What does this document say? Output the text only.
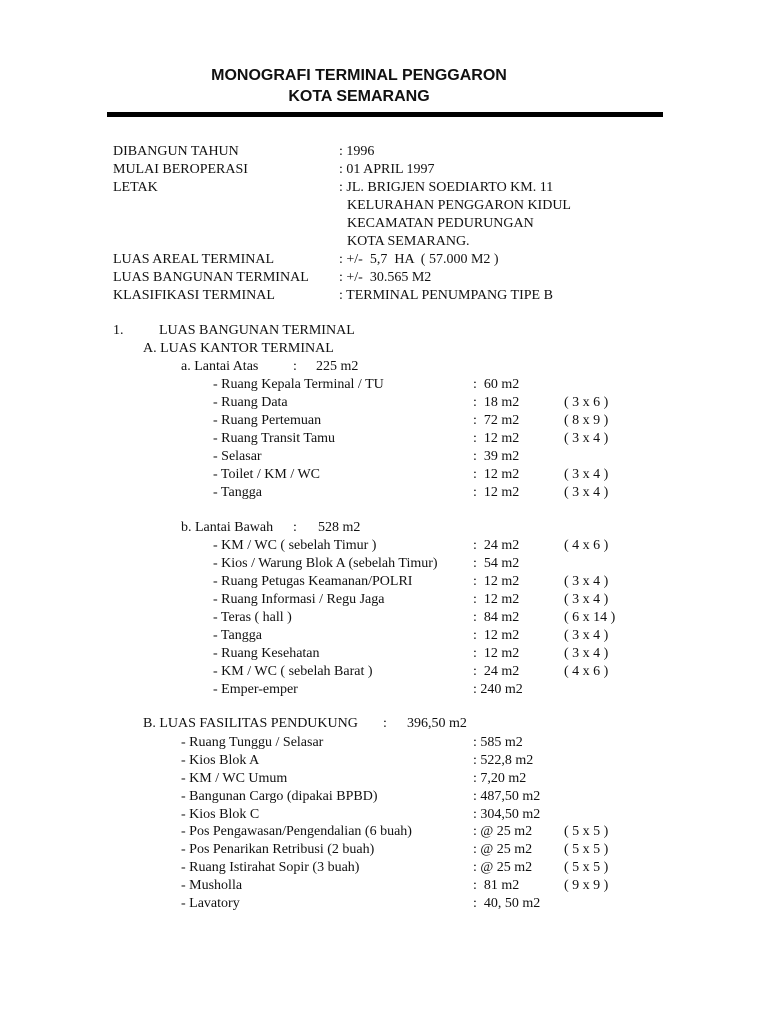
MONOGRAFI TERMINAL PENGGARON
KOTA SEMARANG
DIBANGUN TAHUN	: 1996
MULAI BEROPERASI	: 01 APRIL 1997
LETAK	: JL. BRIGJEN SOEDIARTO KM. 11
KELURAHAN PENGGARON KIDUL
KECAMATAN PEDURUNGAN
KOTA SEMARANG.
LUAS AREAL TERMINAL	: +/-  5,7  HA  ( 57.000 M2 )
LUAS BANGUNAN TERMINAL : +/-  30.565 M2
KLASIFIKASI TERMINAL	: TERMINAL PENUMPANG TIPE B
1.	LUAS BANGUNAN TERMINAL
A. LUAS KANTOR TERMINAL
a. Lantai Atas : 225 m2
- Ruang Kepala Terminal / TU	:  60 m2
- Ruang Data	:  18 m2	( 3 x 6 )
- Ruang Pertemuan	:  72 m2	( 8 x 9 )
- Ruang Transit Tamu	:  12 m2	( 3 x 4 )
- Selasar	:  39 m2
- Toilet / KM / WC	:  12 m2	( 3 x 4 )
- Tangga	:  12 m2	( 3 x 4 )
b. Lantai Bawah : 528 m2
- KM / WC ( sebelah Timur )	:  24 m2	( 4 x 6 )
- Kios / Warung Blok A (sebelah Timur)	:  54 m2
- Ruang Petugas Keamanan/POLRI	:  12 m2	( 3 x 4 )
- Ruang Informasi / Regu Jaga	:  12 m2	( 3 x 4 )
- Teras ( hall )	:  84 m2	( 6 x 14 )
- Tangga	:  12 m2	( 3 x 4 )
- Ruang Kesehatan	:  12 m2	( 3 x 4 )
- KM / WC ( sebelah Barat )	:  24 m2	( 4 x 6 )
- Emper-emper	: 240 m2
B. LUAS FASILITAS PENDUKUNG : 396,50 m2
- Ruang Tunggu / Selasar	: 585 m2
- Kios Blok A	: 522,8 m2
- KM / WC Umum	: 7,20 m2
- Bangunan Cargo (dipakai BPBD)	: 487,50 m2
- Kios Blok C	: 304,50 m2
- Pos Pengawasan/Pengendalian (6 buah)	: @ 25 m2 ( 5 x 5 )
- Pos Penarikan Retribusi (2 buah)	: @ 25 m2 ( 5 x 5 )
- Ruang Istirahat Sopir (3 buah)	: @ 25 m2 ( 5 x 5 )
- Musholla	:  81 m2	( 9 x 9 )
- Lavatory	:  40, 50 m2
